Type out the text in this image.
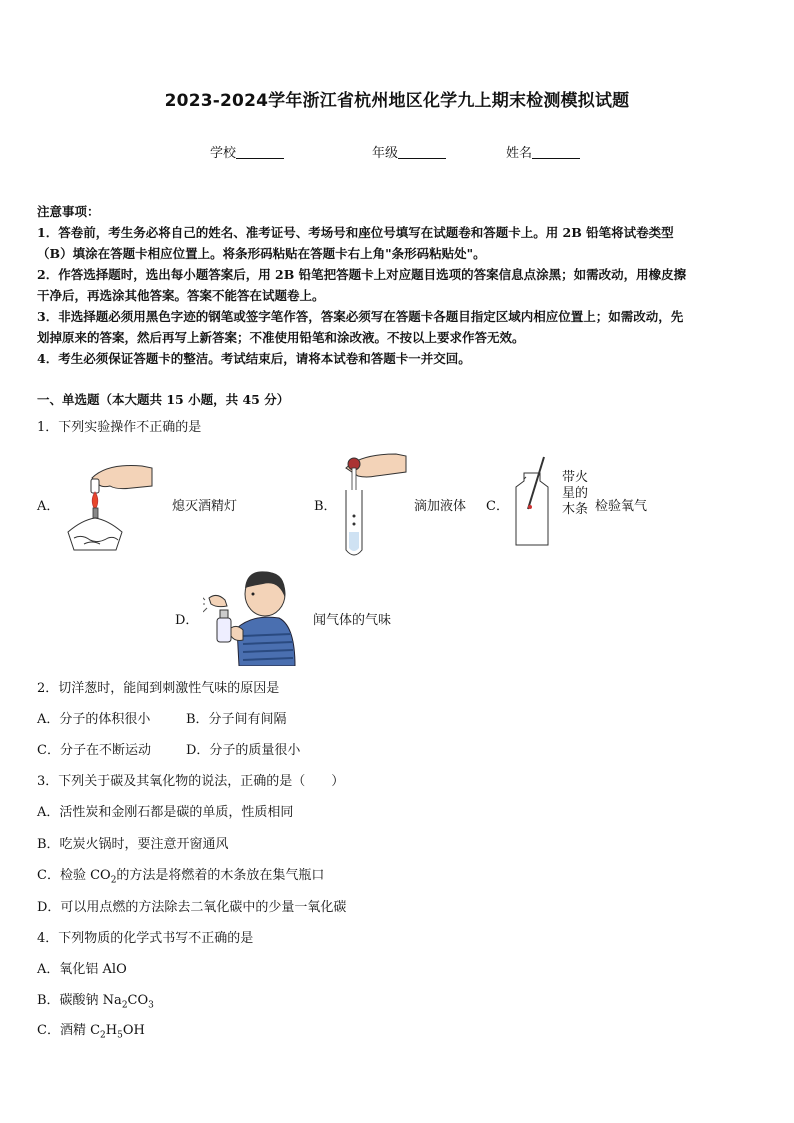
2023-2024学年浙江省杭州地区化学九上期末检测模拟试题
学校	年级	姓名
注意事项：
1．答卷前，考生务必将自己的姓名、准考证号、考场号和座位号填写在试题卷和答题卡上。用 2B 铅笔将试卷类型
（B）填涂在答题卡相应位置上。将条形码粘贴在答题卡右上角"条形码粘贴处"。
2．作答选择题时，选出每小题答案后，用 2B 铅笔把答题卡上对应题目选项的答案信息点涂黑；如需改动，用橡皮擦
干净后，再选涂其他答案。答案不能答在试题卷上。
3．非选择题必须用黑色字迹的钢笔或签字笔作答，答案必须写在答题卡各题目指定区域内相应位置上；如需改动，先
划掉原来的答案，然后再写上新答案；不准使用铅笔和涂改液。不按以上要求作答无效。
4．考生必须保证答题卡的整洁。考试结束后，请将本试卷和答题卡一并交回。
一、单选题（本大题共 15 小题，共 45 分）
1．下列实验操作不正确的是
A．	熄灭酒精灯	B．	滴加液体 C．
带火
星的
木条 检验氧气
D．	闻气体的气味
2．切洋葱时，能闻到刺激性气味的原因是
A．分子的体积很小	B．分子间有间隔
C．分子在不断运动	D．分子的质量很小
3．下列关于碳及其氧化物的说法，正确的是（　　）
A．活性炭和金刚石都是碳的单质，性质相同
B．吃炭火锅时，要注意开窗通风
C．检验 $CO_2$的方法是将燃着的木条放在集气瓶口
D．可以用点燃的方法除去二氧化碳中的少量一氧化碳
4．下列物质的化学式书写不正确的是
A．氧化铝 AlO
B．碳酸钠 $Na_2CO_3$
C．酒精 $C_2H_5OH$
